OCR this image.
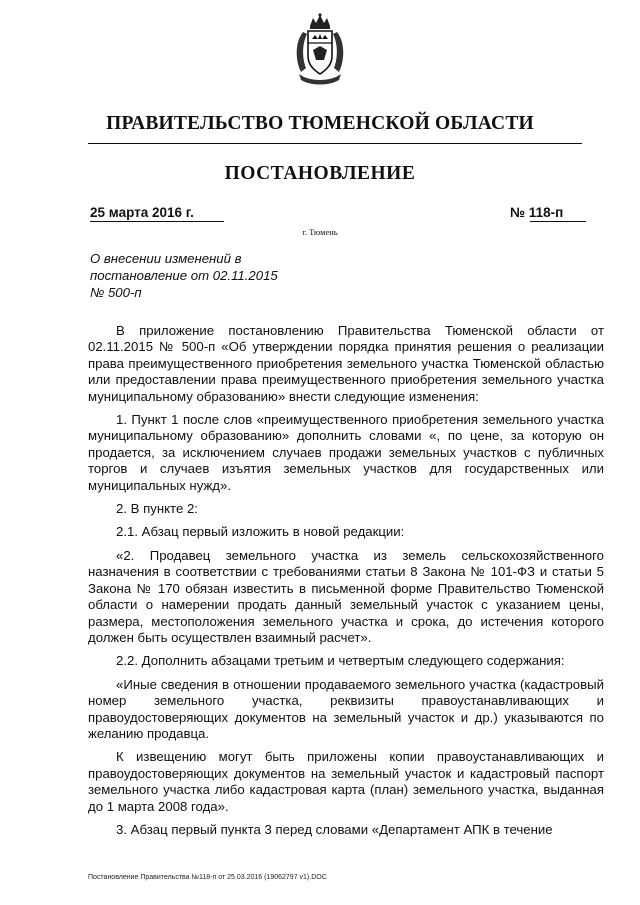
ПРАВИТЕЛЬСТВО ТЮМЕНСКОЙ ОБЛАСТИ
ПОСТАНОВЛЕНИЕ
25 марта 2016 г.	№ 118-п
г. Тюмень
О внесении изменений в
постановление от 02.11.2015
№ 500-п

В приложение постановлению Правительства Тюменской области от 02.11.2015 № 500-п «Об утверждении порядка принятия решения о реализации права преимущественного приобретения земельного участка Тюменской областью или предоставлении права преимущественного приобретения земельного участка муниципальному образованию» внести следующие изменения:

1. Пункт 1 после слов «преимущественного приобретения земельного участка муниципальному образованию» дополнить словами «, по цене, за которую он продается, за исключением случаев продажи земельных участков с публичных торгов и случаев изъятия земельных участков для государственных или муниципальных нужд».

2. В пункте 2:

2.1. Абзац первый изложить в новой редакции:

«2. Продавец земельного участка из земель сельскохозяйственного назначения в соответствии с требованиями статьи 8 Закона № 101-ФЗ и статьи 5 Закона № 170 обязан известить в письменной форме Правительство Тюменской области о намерении продать данный земельный участок с указанием цены, размера, местоположения земельного участка и срока, до истечения которого должен быть осуществлен взаимный расчет».

2.2. Дополнить абзацами третьим и четвертым следующего содержания:

«Иные сведения в отношении продаваемого земельного участка (кадастровый номер земельного участка, реквизиты правоустанавливающих и правоудостоверяющих документов на земельный участок и др.) указываются по желанию продавца.

К извещению могут быть приложены копии правоустанавливающих и правоудостоверяющих документов на земельный участок и кадастровый паспорт земельного участка либо кадастровая карта (план) земельного участка, выданная до 1 марта 2008 года».

3. Абзац первый пункта 3 перед словами «Департамент АПК в течение

Постановление Правительства №118-п от 25.03.2016 (19062797 v1).DOC
